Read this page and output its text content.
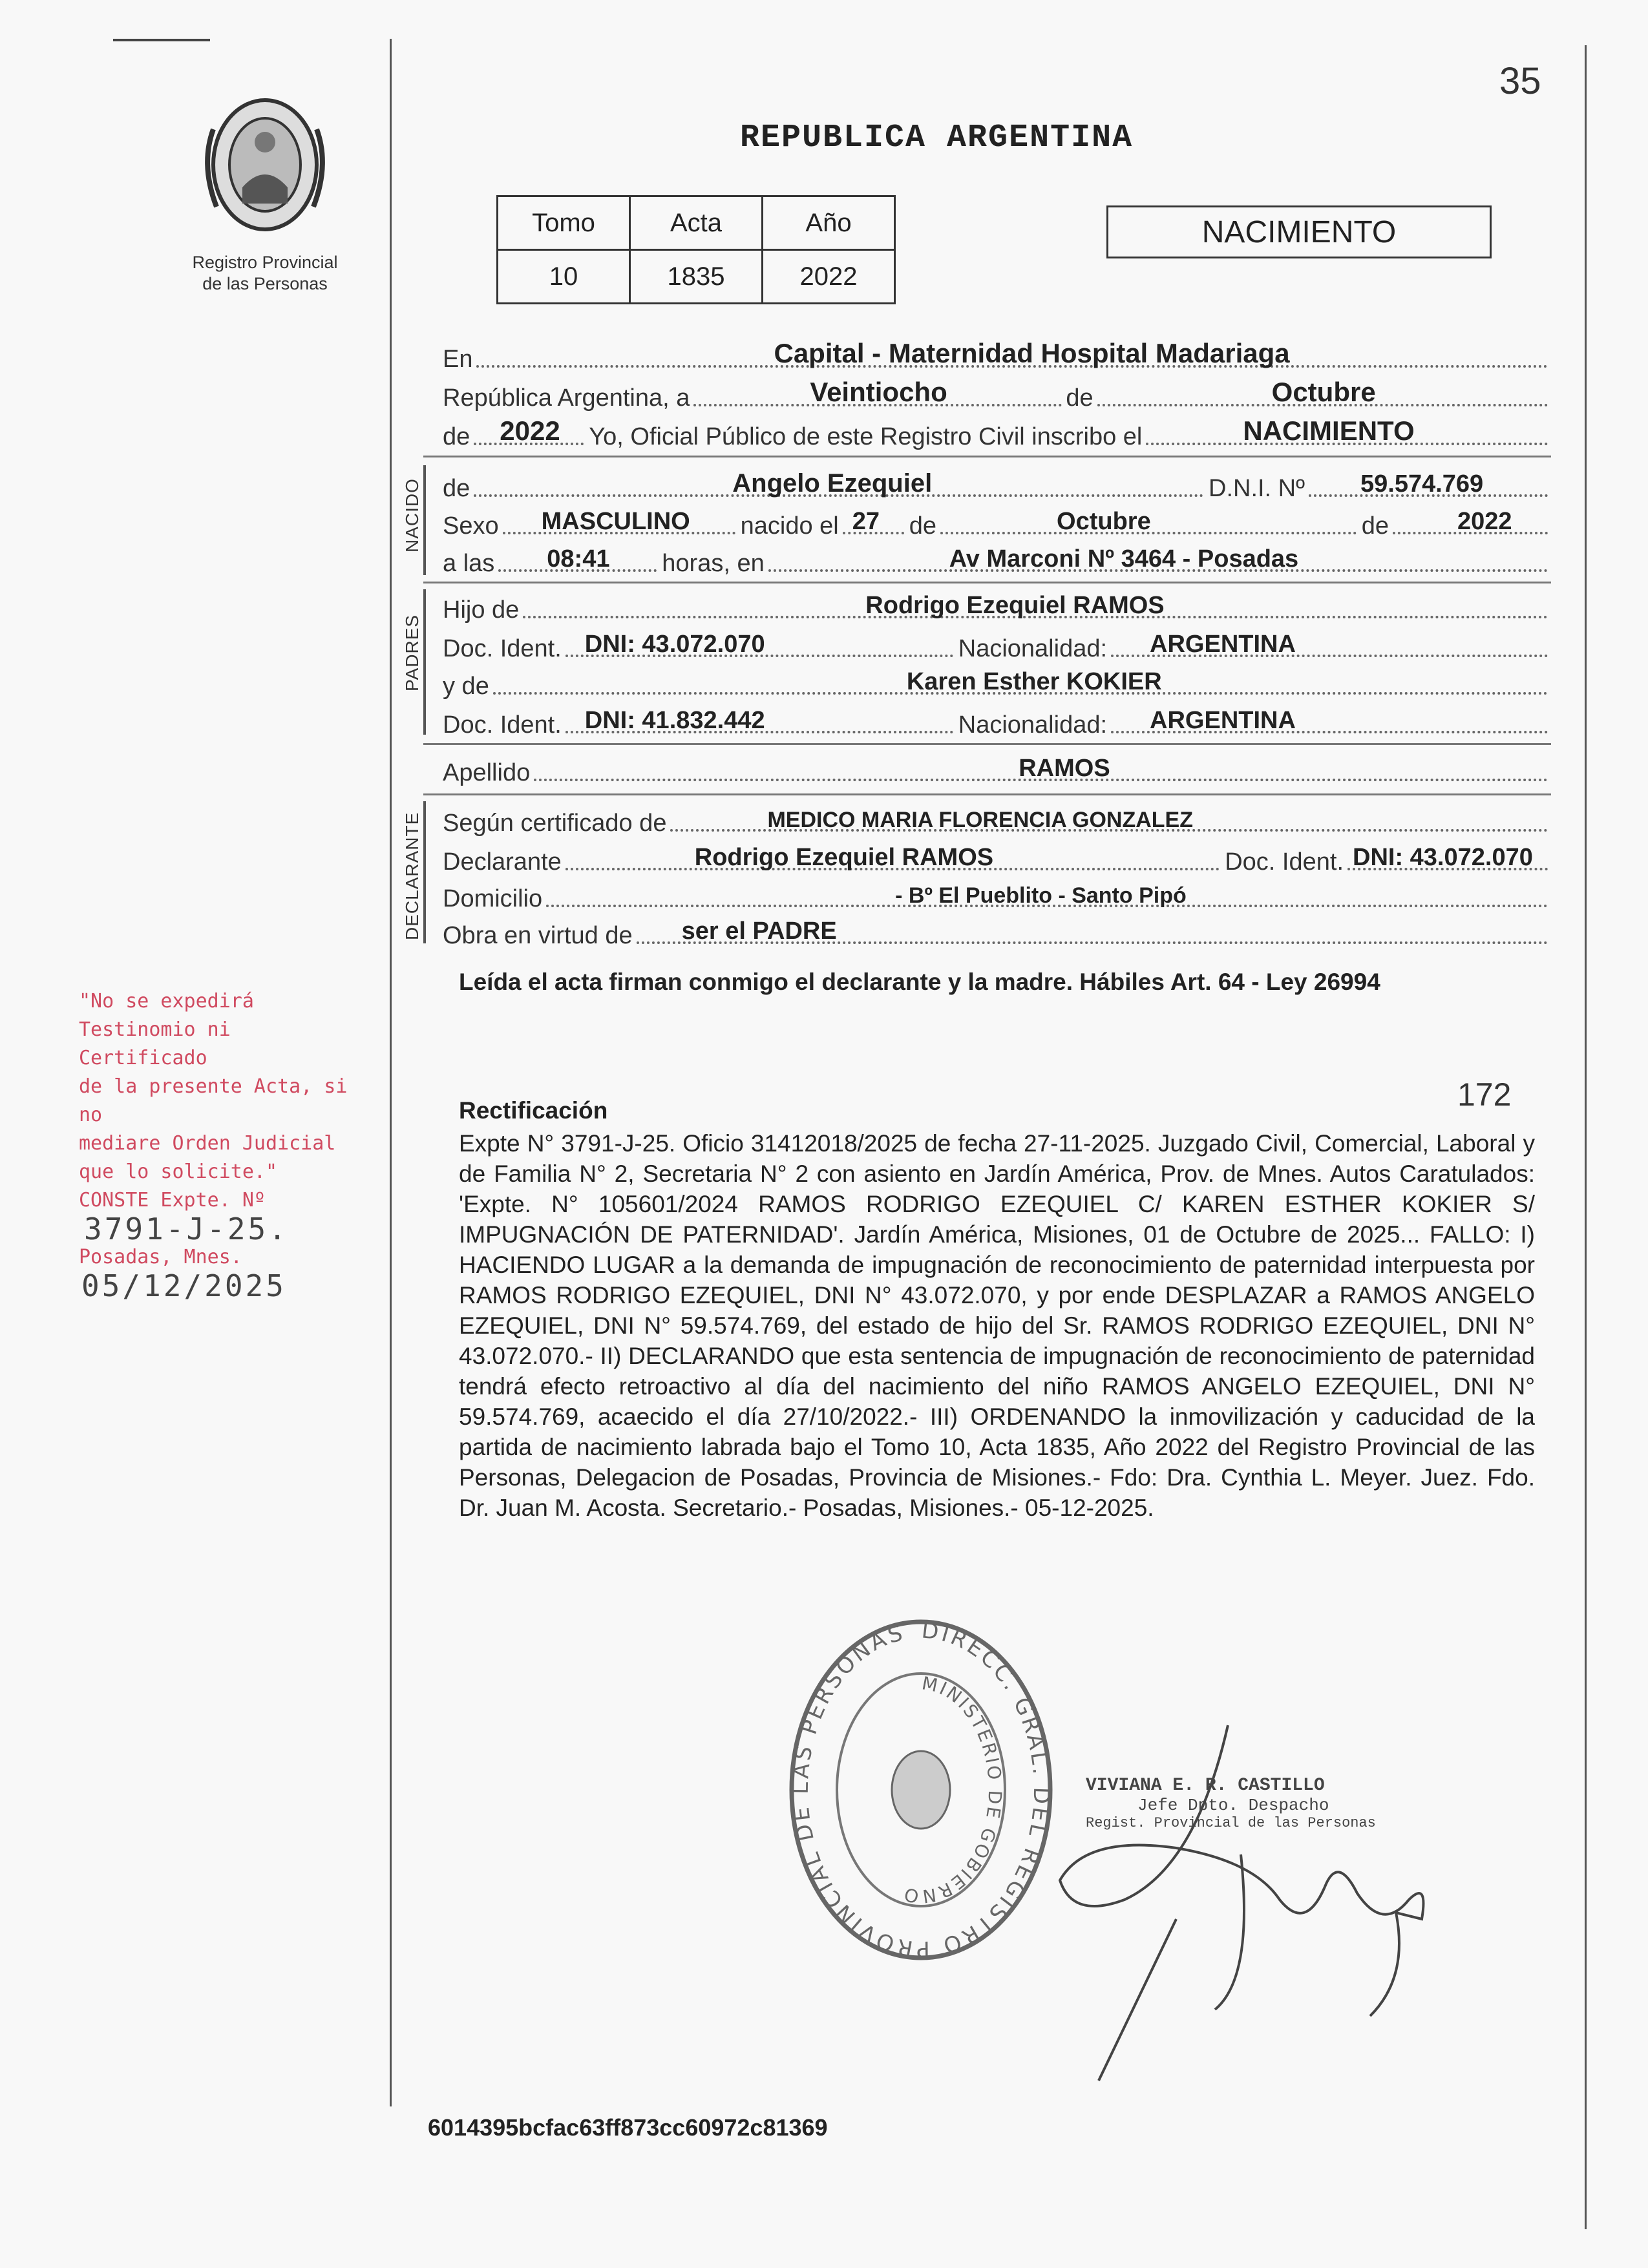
35
Registro Provincial
de las Personas
REPUBLICA ARGENTINA
Tomo	Acta	Año
10	1835	2022
NACIMIENTO
En	Capital - Maternidad Hospital Madariaga
República Argentina, a	Veintiocho	de	Octubre
de 2022 Yo, Oficial Público de este Registro Civil inscribo el	NACIMIENTO
de	Angelo Ezequiel	D.N.I. Nº 59.574.769
Sexo MASCULINO nacido el 27 de	Octubre	de	2022
a las 08:41 horas, en	Av Marconi Nº 3464 - Posadas
Hijo de	Rodrigo Ezequiel RAMOS
Doc. Ident. DNI: 43.072.070	Nacionalidad: ARGENTINA
y de	Karen Esther KOKIER
Doc. Ident. DNI: 41.832.442	Nacionalidad: ARGENTINA
Apellido	RAMOS
Según certificado de	MEDICO MARIA FLORENCIA GONZALEZ
Declarante	Rodrigo Ezequiel RAMOS	Doc. Ident. DNI: 43.072.070
Domicilio	- Bº El Pueblito - Santo Pipó
Obra en virtud de ser el PADRE
NACIDO
PADRES
DECLARANTE
Leída el acta firman conmigo el declarante y la madre. Hábiles Art. 64 - Ley 26994
172
Rectificación
Expte N° 3791-J-25. Oficio 31412018/2025 de fecha 27-11-2025. Juzgado Civil, Comercial, Laboral y de Familia N° 2, Secretaria N° 2 con asiento en Jardín América, Prov. de Mnes. Autos Caratulados: 'Expte. N° 105601/2024 RAMOS RODRIGO EZEQUIEL C/ KAREN ESTHER KOKIER S/ IMPUGNACIÓN DE PATERNIDAD'. Jardín América, Misiones, 01 de Octubre de 2025... FALLO: I) HACIENDO LUGAR a la demanda de impugnación de reconocimiento de paternidad interpuesta por RAMOS RODRIGO EZEQUIEL, DNI N° 43.072.070, y por ende DESPLAZAR a RAMOS ANGELO EZEQUIEL, DNI N° 59.574.769, del estado de hijo del Sr. RAMOS RODRIGO EZEQUIEL, DNI N° 43.072.070.- II) DECLARANDO que esta sentencia de impugnación de reconocimiento de paternidad tendrá efecto retroactivo al día del nacimiento del niño RAMOS ANGELO EZEQUIEL, DNI N° 59.574.769, acaecido el día 27/10/2022.- III) ORDENANDO la inmovilización y caducidad de la partida de nacimiento labrada bajo el Tomo 10, Acta 1835, Año 2022 del Registro Provincial de las Personas, Delegacion de Posadas, Provincia de Misiones.- Fdo: Dra. Cynthia L. Meyer. Juez. Fdo. Dr. Juan M. Acosta. Secretario.- Posadas, Misiones.- 05-12-2025.
"No se expedirá
Testinomio ni Certificado
de la presente Acta, si no
mediare Orden Judicial
que lo solicite."
CONSTE Expte. Nº
3791-J-25.
Posadas, Mnes.
05/12/2025
DIRECC. GRAL. DEL REGISTRO PROVINCIAL DE LAS PERSONAS
MINISTERIO DE GOBIERNO
VIVIANA E. R. CASTILLO
Jefe Dpto. Despacho
Regist. Provincial de las Personas
6014395bcfac63ff873cc60972c81369
